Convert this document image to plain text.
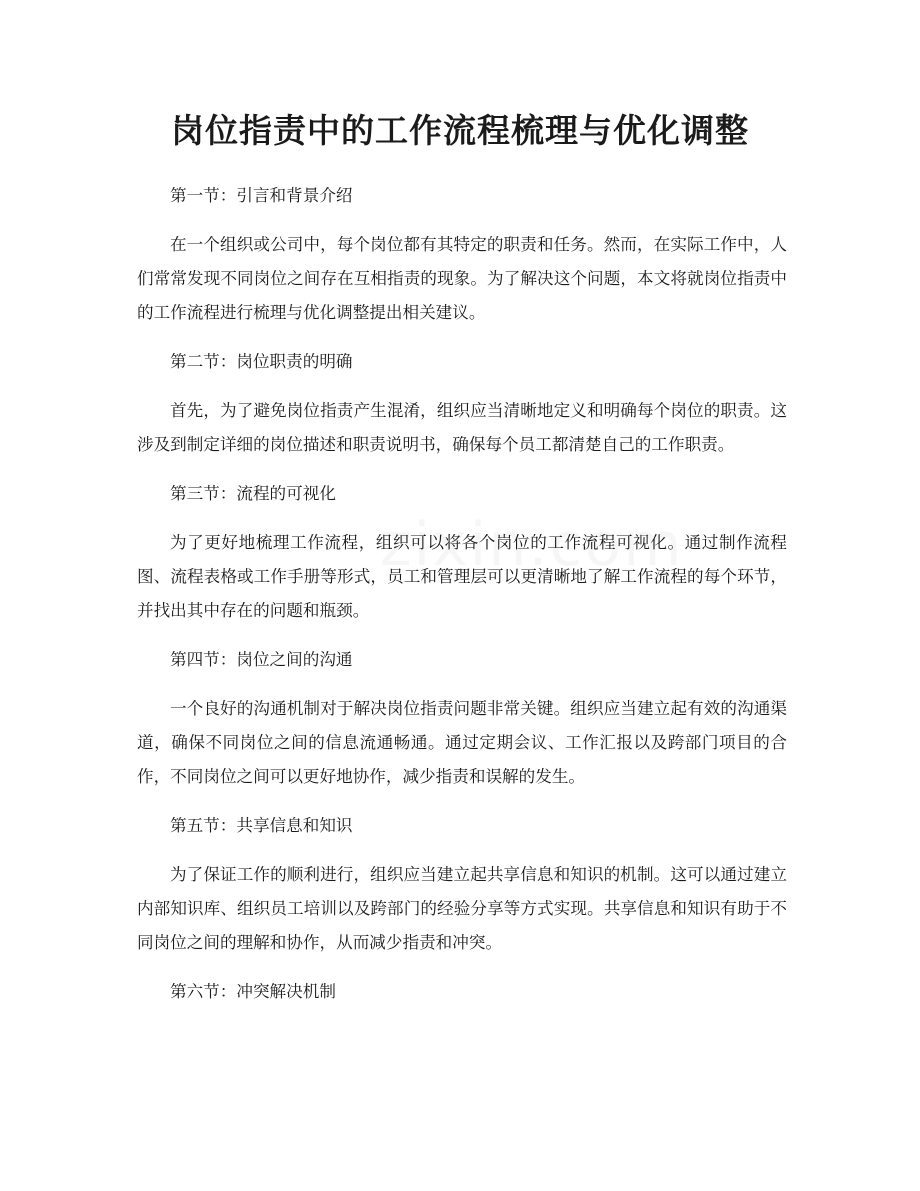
岗位指责中的工作流程梳理与优化调整

第一节：引言和背景介绍

在一个组织或公司中，每个岗位都有其特定的职责和任务。然而，在实际工作中，人们常常发现不同岗位之间存在互相指责的现象。为了解决这个问题，本文将就岗位指责中的工作流程进行梳理与优化调整提出相关建议。

第二节：岗位职责的明确

首先，为了避免岗位指责产生混淆，组织应当清晰地定义和明确每个岗位的职责。这涉及到制定详细的岗位描述和职责说明书，确保每个员工都清楚自己的工作职责。

第三节：流程的可视化

为了更好地梳理工作流程，组织可以将各个岗位的工作流程可视化。通过制作流程图、流程表格或工作手册等形式，员工和管理层可以更清晰地了解工作流程的每个环节，并找出其中存在的问题和瓶颈。

第四节：岗位之间的沟通

一个良好的沟通机制对于解决岗位指责问题非常关键。组织应当建立起有效的沟通渠道，确保不同岗位之间的信息流通畅通。通过定期会议、工作汇报以及跨部门项目的合作，不同岗位之间可以更好地协作，减少指责和误解的发生。

第五节：共享信息和知识

为了保证工作的顺利进行，组织应当建立起共享信息和知识的机制。这可以通过建立内部知识库、组织员工培训以及跨部门的经验分享等方式实现。共享信息和知识有助于不同岗位之间的理解和协作，从而减少指责和冲突。

第六节：冲突解决机制
